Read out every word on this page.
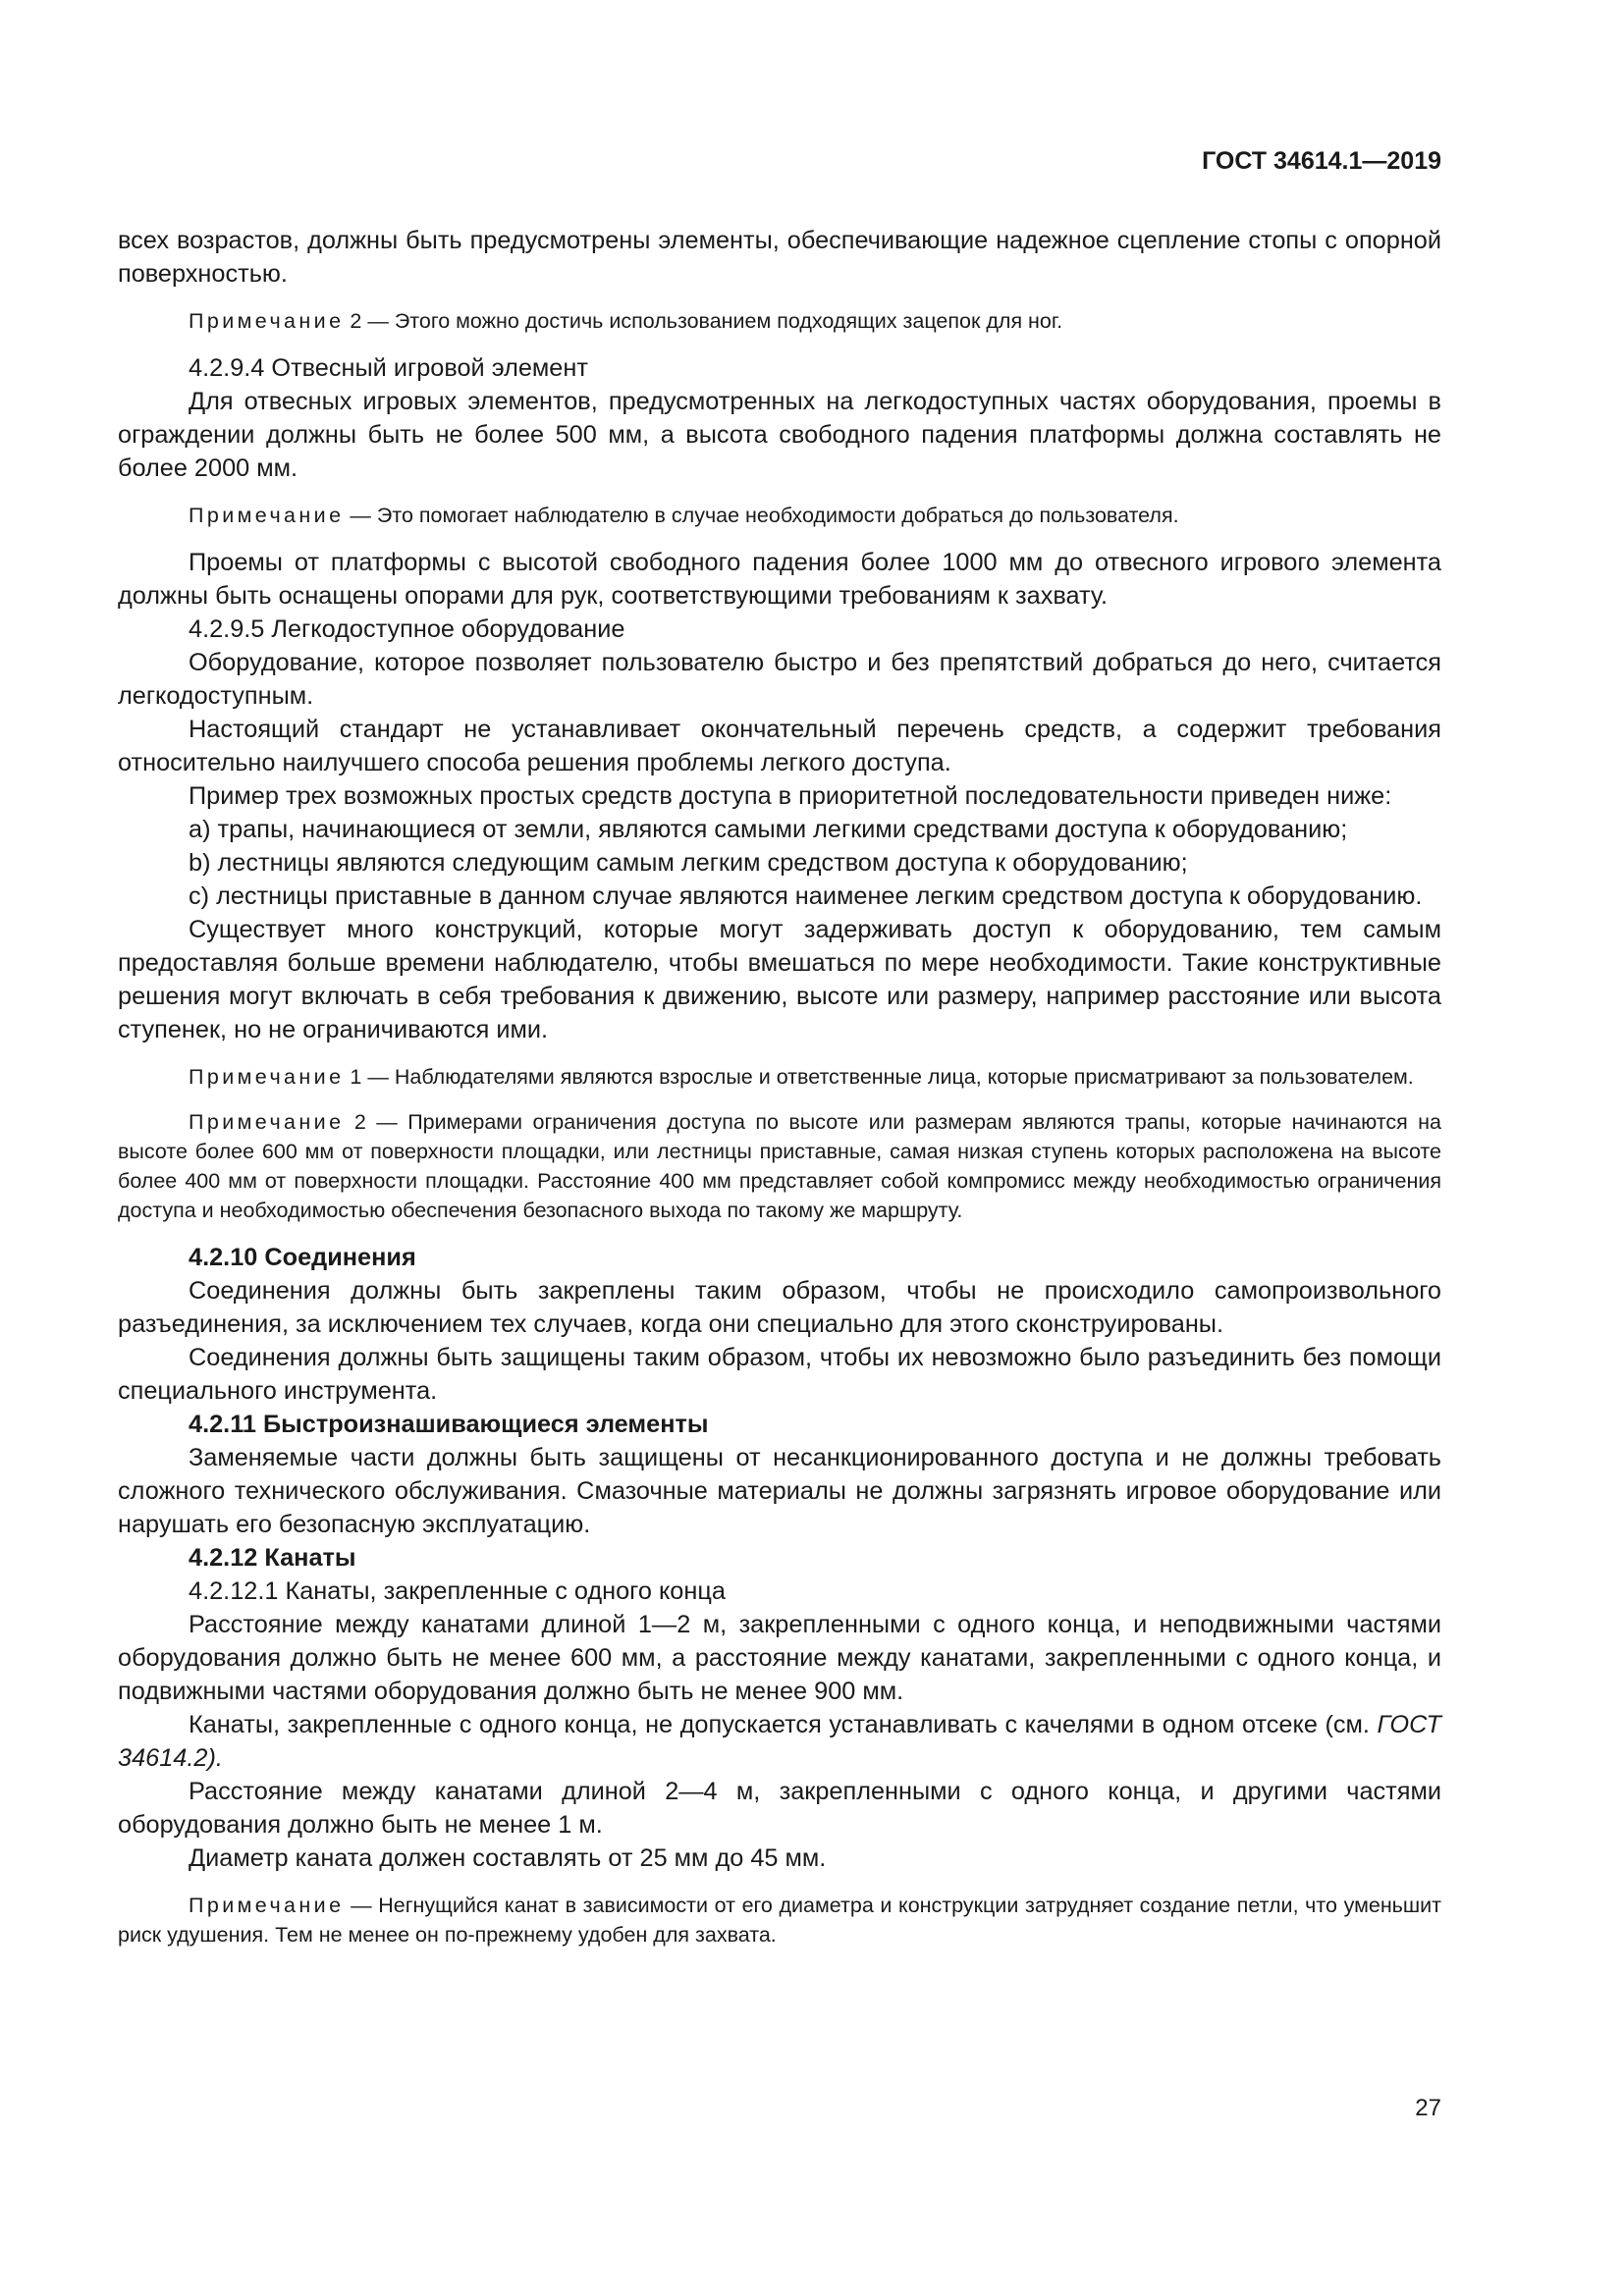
ГОСТ 34614.1—2019

всех возрастов, должны быть предусмотрены элементы, обеспечивающие надежное сцепление стопы с опорной поверхностью.

Примечание 2 — Этого можно достичь использованием подходящих зацепок для ног.

4.2.9.4 Отвесный игровой элемент

Для отвесных игровых элементов, предусмотренных на легкодоступных частях оборудования, проемы в ограждении должны быть не более 500 мм, а высота свободного падения платформы должна составлять не более 2000 мм.

Примечание — Это помогает наблюдателю в случае необходимости добраться до пользователя.

Проемы от платформы с высотой свободного падения более 1000 мм до отвесного игрового элемента должны быть оснащены опорами для рук, соответствующими требованиям к захвату.

4.2.9.5 Легкодоступное оборудование

Оборудование, которое позволяет пользователю быстро и без препятствий добраться до него, считается легкодоступным.

Настоящий стандарт не устанавливает окончательный перечень средств, а содержит требования относительно наилучшего способа решения проблемы легкого доступа.

Пример трех возможных простых средств доступа в приоритетной последовательности приведен ниже:

a) трапы, начинающиеся от земли, являются самыми легкими средствами доступа к оборудованию;

b) лестницы являются следующим самым легким средством доступа к оборудованию;

c) лестницы приставные в данном случае являются наименее легким средством доступа к оборудованию.

Существует много конструкций, которые могут задерживать доступ к оборудованию, тем самым предоставляя больше времени наблюдателю, чтобы вмешаться по мере необходимости. Такие конструктивные решения могут включать в себя требования к движению, высоте или размеру, например расстояние или высота ступенек, но не ограничиваются ими.

Примечание 1 — Наблюдателями являются взрослые и ответственные лица, которые присматривают за пользователем.

Примечание 2 — Примерами ограничения доступа по высоте или размерам являются трапы, которые начинаются на высоте более 600 мм от поверхности площадки, или лестницы приставные, самая низкая ступень которых расположена на высоте более 400 мм от поверхности площадки. Расстояние 400 мм представляет собой компромисс между необходимостью ограничения доступа и необходимостью обеспечения безопасного выхода по такому же маршруту.

4.2.10 Соединения

Соединения должны быть закреплены таким образом, чтобы не происходило самопроизвольного разъединения, за исключением тех случаев, когда они специально для этого сконструированы.

Соединения должны быть защищены таким образом, чтобы их невозможно было разъединить без помощи специального инструмента.

4.2.11 Быстроизнашивающиеся элементы

Заменяемые части должны быть защищены от несанкционированного доступа и не должны требовать сложного технического обслуживания. Смазочные материалы не должны загрязнять игровое оборудование или нарушать его безопасную эксплуатацию.

4.2.12 Канаты

4.2.12.1 Канаты, закрепленные с одного конца

Расстояние между канатами длиной 1—2 м, закрепленными с одного конца, и неподвижными частями оборудования должно быть не менее 600 мм, а расстояние между канатами, закрепленными с одного конца, и подвижными частями оборудования должно быть не менее 900 мм.

Канаты, закрепленные с одного конца, не допускается устанавливать с качелями в одном отсеке (см. ГОСТ 34614.2).

Расстояние между канатами длиной 2—4 м, закрепленными с одного конца, и другими частями оборудования должно быть не менее 1 м.

Диаметр каната должен составлять от 25 мм до 45 мм.

Примечание — Негнущийся канат в зависимости от его диаметра и конструкции затрудняет создание петли, что уменьшит риск удушения. Тем не менее он по-прежнему удобен для захвата.

27
